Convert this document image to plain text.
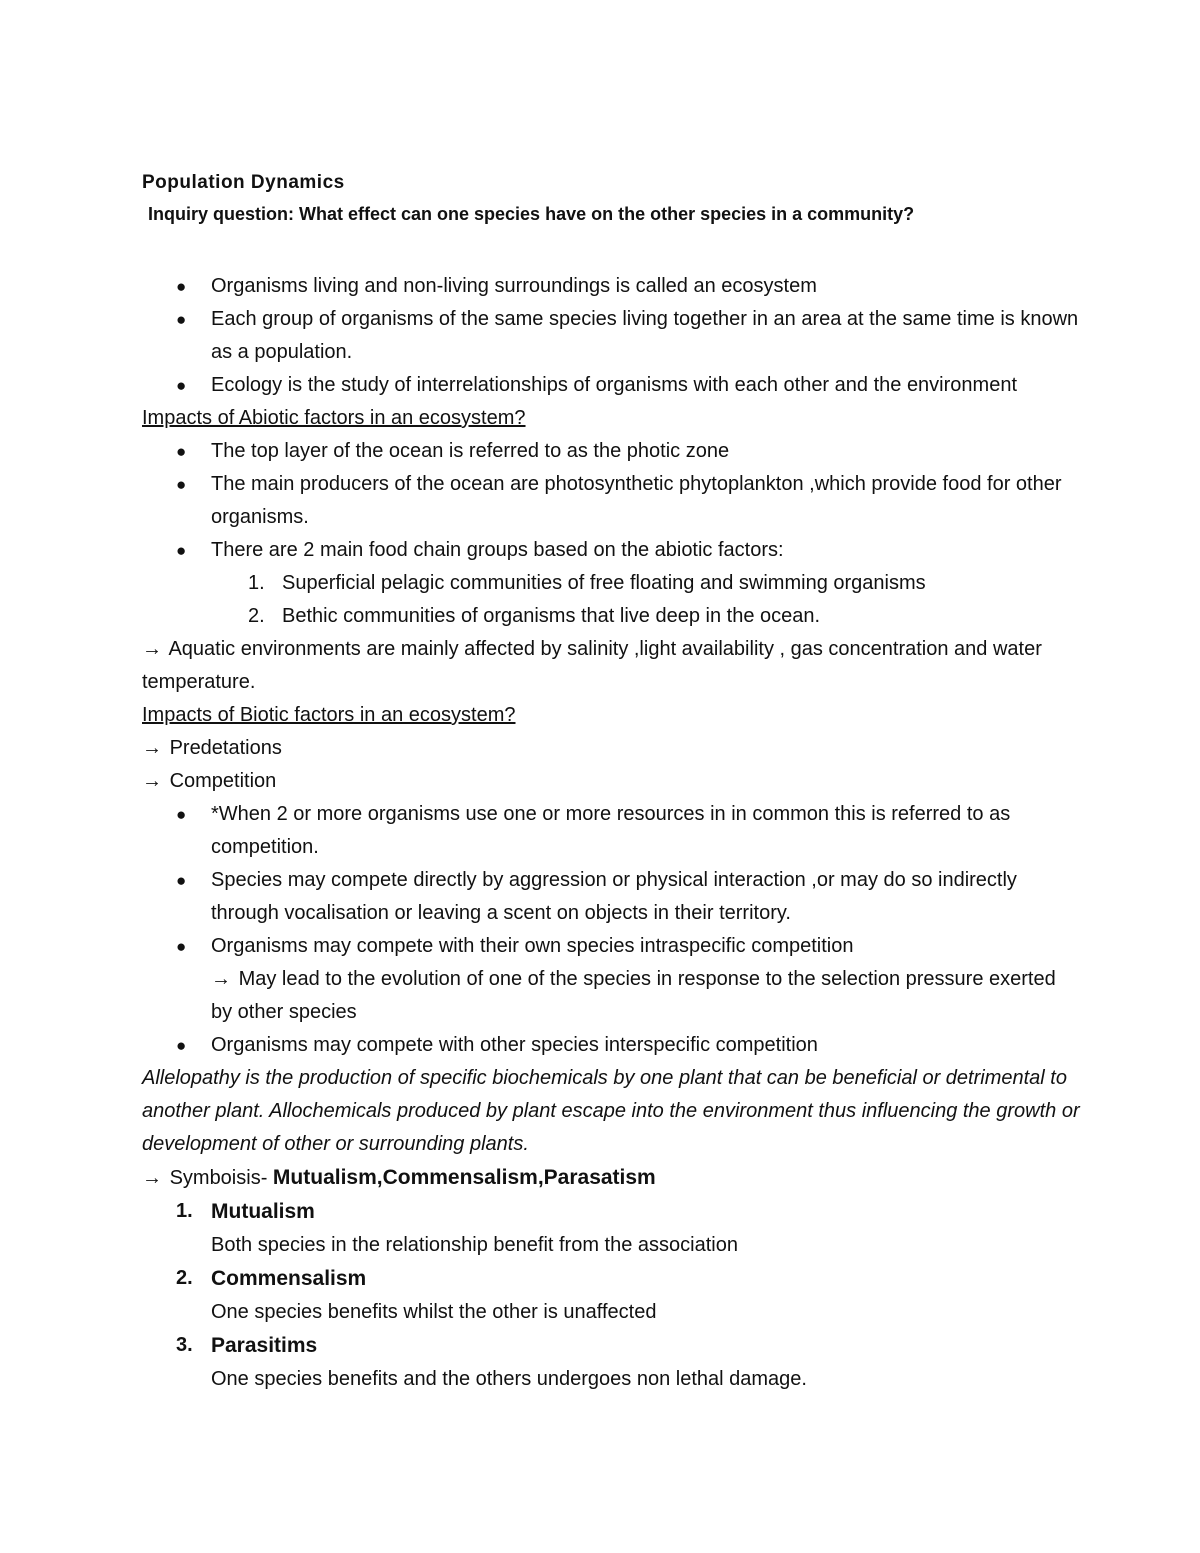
Population Dynamics
Inquiry question: What effect can one species have on the other species in a community?
● Organisms living and non-living surroundings is called an ecosystem
● Each group of organisms of the same species living together in an area at the same time is known as a population.
● Ecology is the study of interrelationships of organisms with each other and the environment
Impacts of Abiotic factors in an ecosystem?
● The top layer of the ocean is referred to as the photic zone
● The main producers of the ocean are photosynthetic phytoplankton ,which provide food for other organisms.
● There are 2 main food chain groups based on the abiotic factors:
1. Superficial pelagic communities of free floating and swimming organisms
2. Bethic communities of organisms that live deep in the ocean.
→ Aquatic environments are mainly affected by salinity ,light availability , gas concentration and water temperature.
Impacts of Biotic factors in an ecosystem?
→ Predetations
→ Competition
● *When 2 or more organisms use one or more resources in in common this is referred to as competition.
● Species may compete directly by aggression or physical interaction ,or may do so indirectly through vocalisation or leaving a scent on objects in their territory.
● Organisms may compete with their own species intraspecific competition
→ May lead to the evolution of one of the species in response to the selection pressure exerted by other species
● Organisms may compete with other species interspecific competition
Allelopathy is the production of specific biochemicals by one plant that can be beneficial or detrimental to another plant. Allochemicals produced by plant escape into the environment thus influencing the growth or development of other or surrounding plants.
→ Symboisis- Mutualism,Commensalism,Parasatism
1. Mutualism
Both species in the relationship benefit from the association
2. Commensalism
One species benefits whilst the other is unaffected
3. Parasitims
One species benefits and the others undergoes non lethal damage.
